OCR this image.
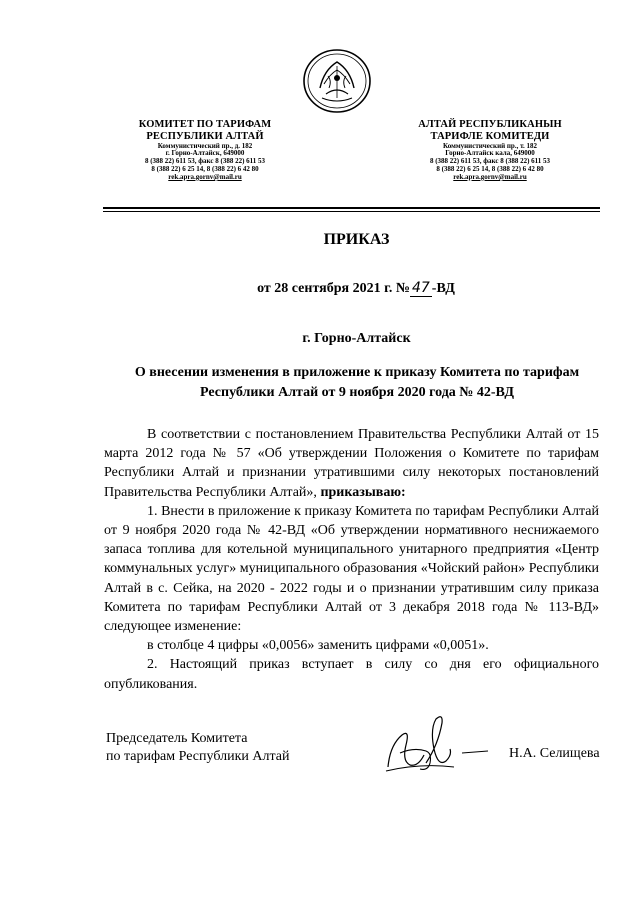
КОМИТЕТ ПО ТАРИФАМ
РЕСПУБЛИКИ АЛТАЙ
Коммунистический пр., д. 182
г. Горно-Алтайск, 649000
8 (388 22) 611 53, факс 8 (388 22) 611 53
8 (388 22) 6 25 14, 8 (388 22) 6 42 80
rek.apra.gornv@mail.ru
АЛТАЙ РЕСПУБЛИКАНЫН
ТАРИФЛЕ КОМИТЕДИ
Коммунистический пр., т. 182
Горно-Алтайск кала, 649000
8 (388 22) 611 53, факс 8 (388 22) 611 53
8 (388 22) 6 25 14, 8 (388 22) 6 42 80
rek.apra.gornv@mail.ru
ПРИКАЗ
от 28 сентября 2021 г. № 47 -ВД
г. Горно-Алтайск
О внесении изменения в приложение к приказу Комитета по тарифам Республики Алтай от 9 ноября 2020 года № 42-ВД

В соответствии с постановлением Правительства Республики Алтай от 15 марта 2012 года № 57 «Об утверждении Положения о Комитете по тарифам Республики Алтай и признании утратившими силу некоторых постановлений Правительства Республики Алтай», приказываю:

1. Внести в приложение к приказу Комитета по тарифам Республики Алтай от 9 ноября 2020 года № 42-ВД «Об утверждении нормативного неснижаемого запаса топлива для котельной муниципального унитарного предприятия «Центр коммунальных услуг» муниципального образования «Чойский район» Республики Алтай в с. Сейка, на 2020 - 2022 годы и о признании утратившим силу приказа Комитета по тарифам Республики Алтай от 3 декабря 2018 года № 113-ВД» следующее изменение:

в столбце 4 цифры «0,0056» заменить цифрами «0,0051».

2. Настоящий приказ вступает в силу со дня его официального опубликования.

Председатель Комитета
по тарифам Республики Алтай	Н.А. Селищева
